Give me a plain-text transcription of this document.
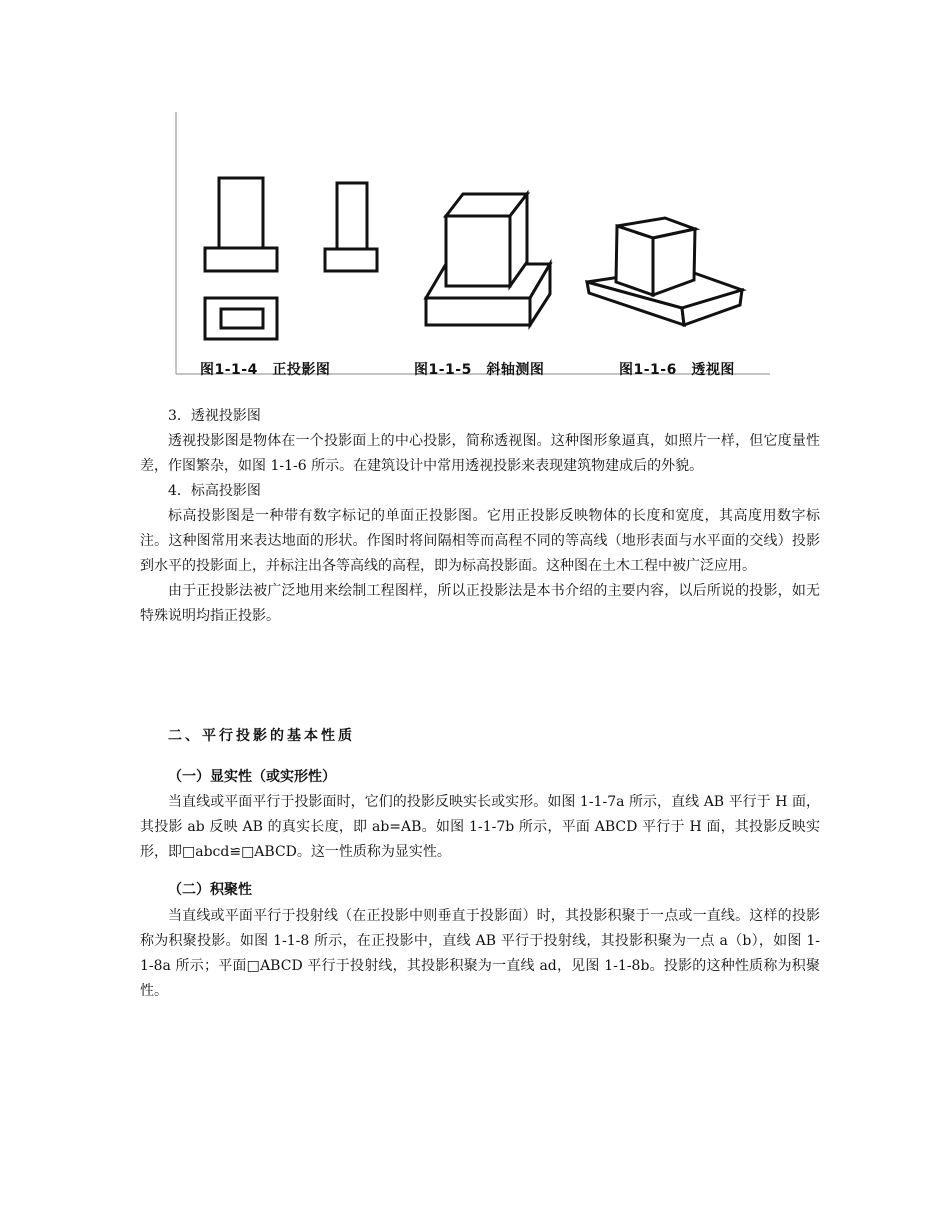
图1-1-4　正投影图	图1-1-5　斜轴测图	图1-1-6　透视图

3．透视投影图

透视投影图是物体在一个投影面上的中心投影，简称透视图。这种图形象逼真，如照片一样，但它度量性差，作图繁杂，如图 1-1-6 所示。在建筑设计中常用透视投影来表现建筑物建成后的外貌。

4．标高投影图

标高投影图是一种带有数字标记的单面正投影图。它用正投影反映物体的长度和宽度，其高度用数字标注。这种图常用来表达地面的形状。作图时将间隔相等而高程不同的等高线（地形表面与水平面的交线）投影到水平的投影面上，并标注出各等高线的高程，即为标高投影面。这种图在土木工程中被广泛应用。

由于正投影法被广泛地用来绘制工程图样，所以正投影法是本书介绍的主要内容，以后所说的投影，如无特殊说明均指正投影。

二、平行投影的基本性质
（一）显实性（或实形性）

当直线或平面平行于投影面时，它们的投影反映实长或实形。如图 1-1-7a 所示，直线 AB 平行于 H 面，其投影 ab 反映 AB 的真实长度，即 ab=AB。如图 1-1-7b 所示，平面 ABCD 平行于 H 面，其投影反映实形，即□abcd≌□ABCD。这一性质称为显实性。

（二）积聚性

当直线或平面平行于投射线（在正投影中则垂直于投影面）时，其投影积聚于一点或一直线。这样的投影称为积聚投影。如图 1-1-8 所示，在正投影中，直线 AB 平行于投射线，其投影积聚为一点 a（b），如图 1-1-8a 所示；平面□ABCD 平行于投射线，其投影积聚为一直线 ad，见图 1-1-8b。投影的这种性质称为积聚性。
